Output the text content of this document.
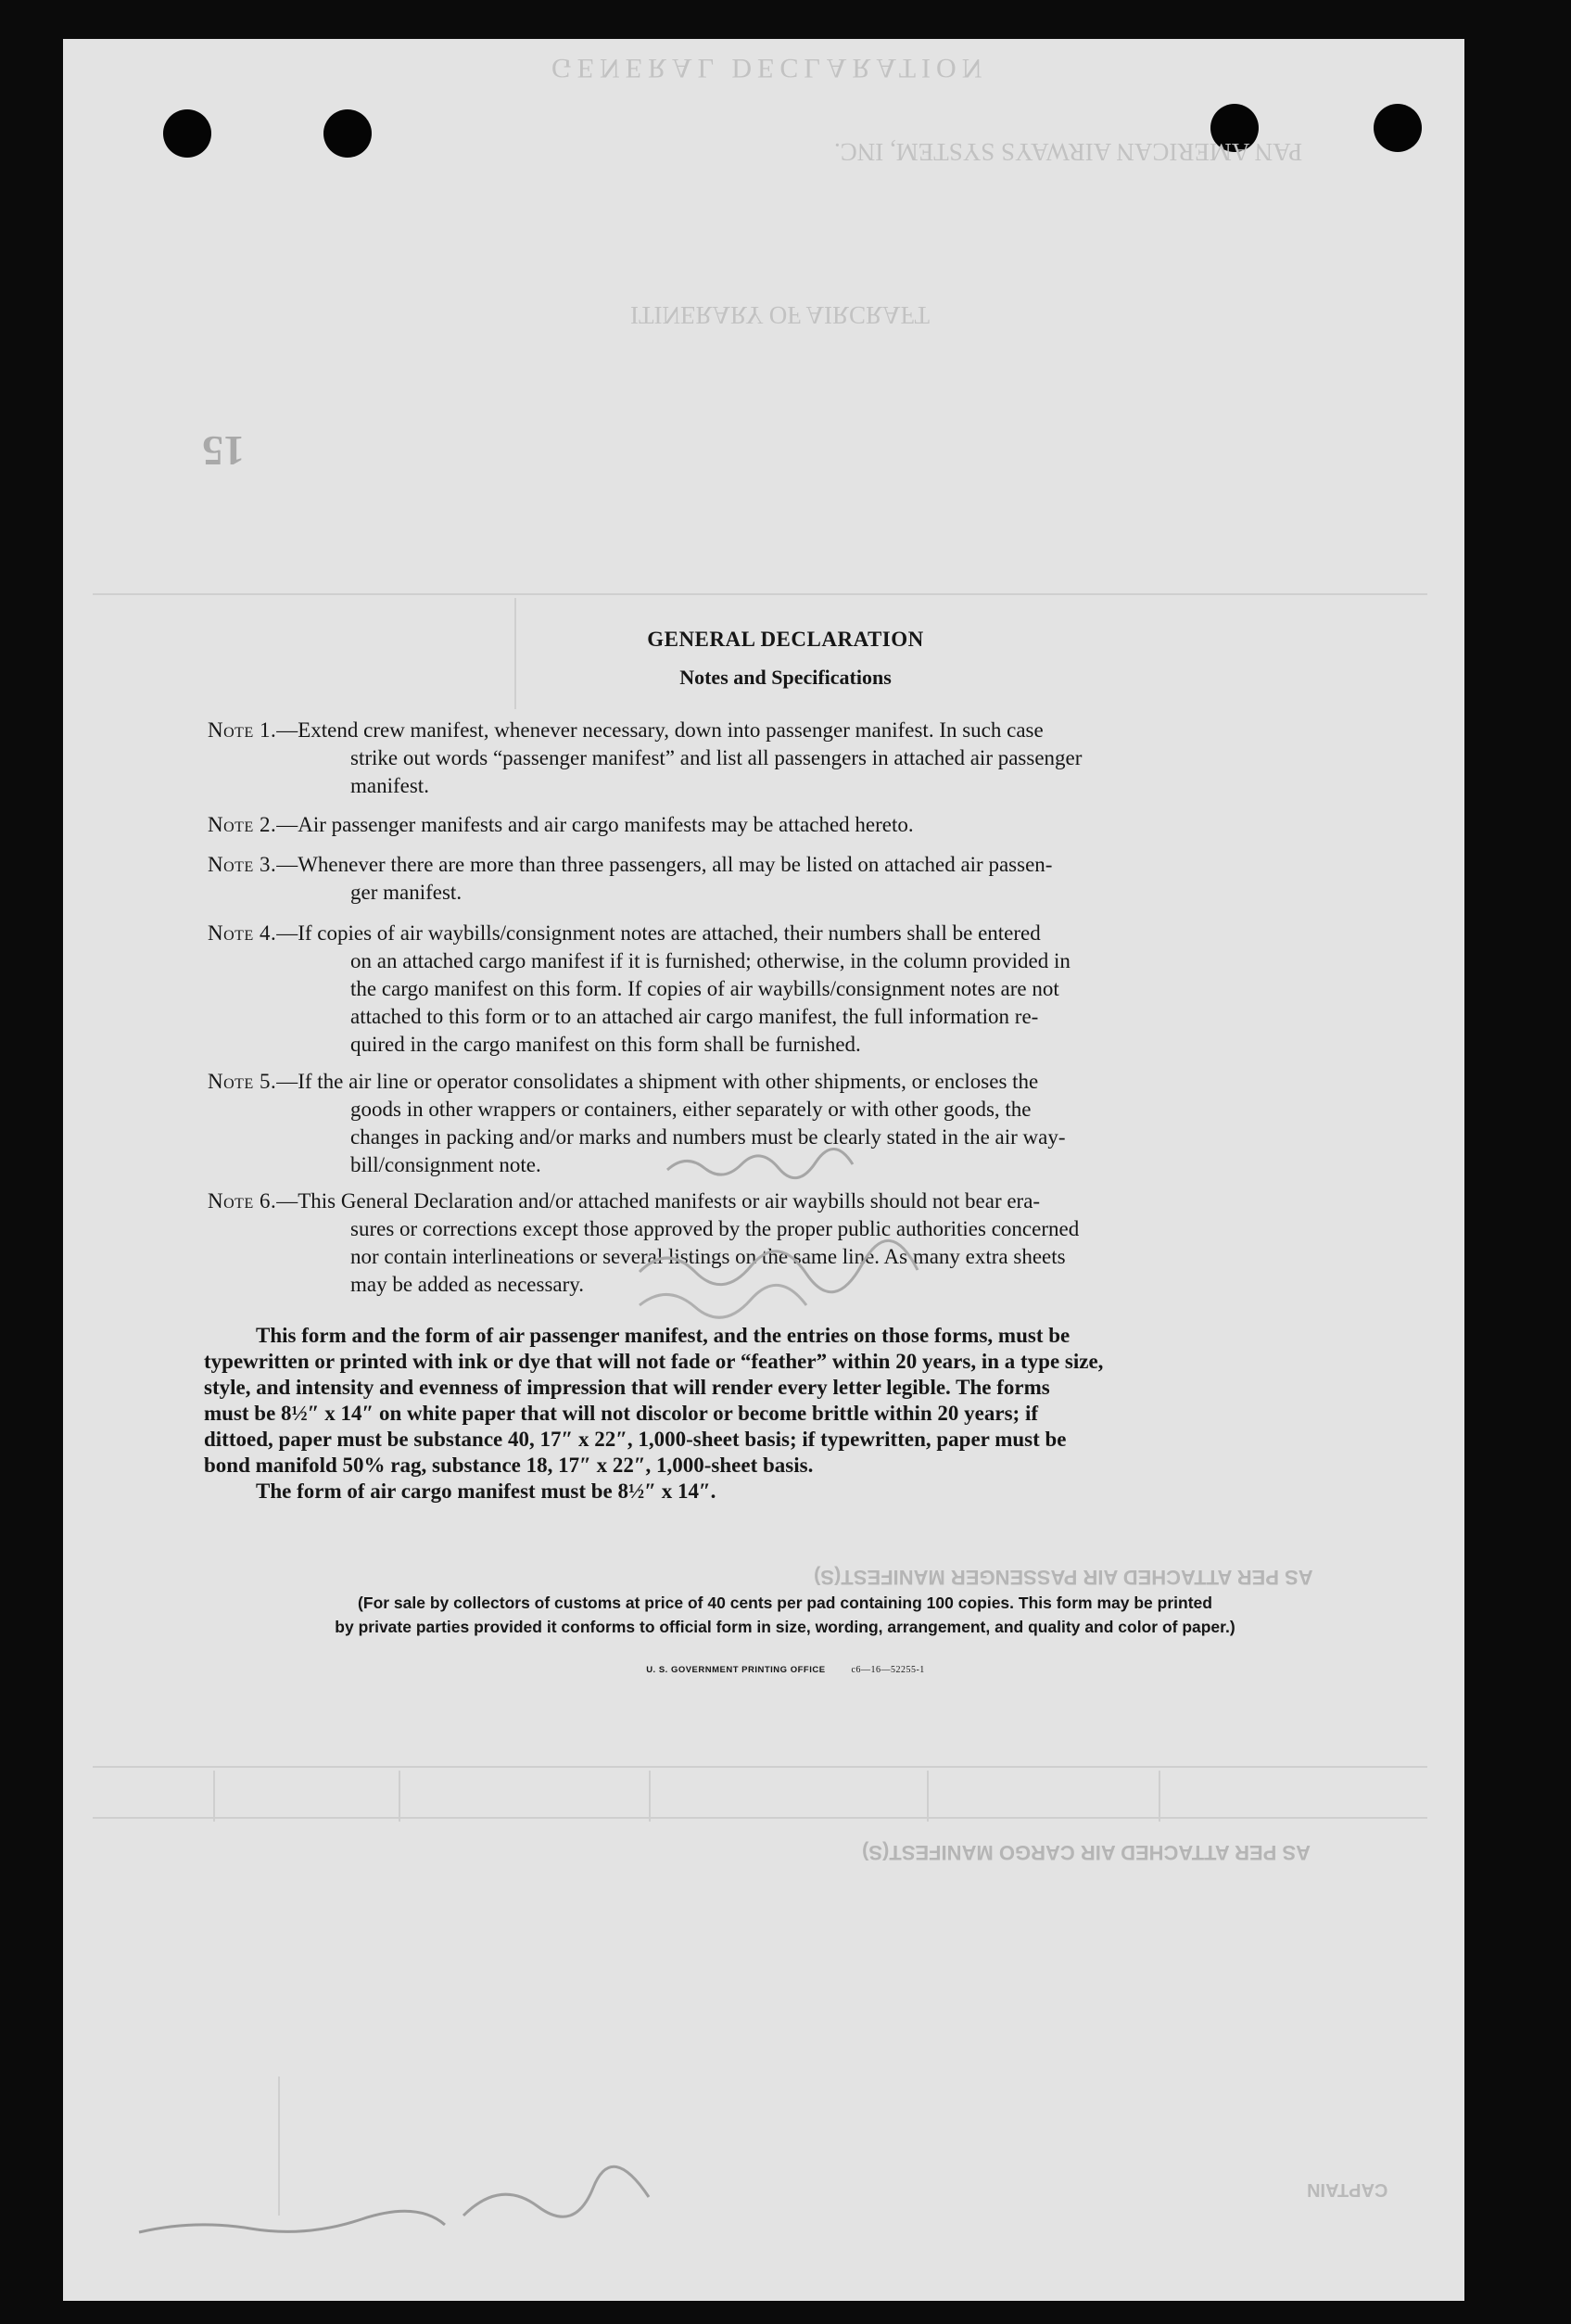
GENERAL DECLARATION
PAN AMERICAN AIRWAYS SYSTEM, INC.
ITINERARY OF AIRCRAFT
15
AS PER ATTACHED AIR PASSENGER MANIFEST(S)
AS PER ATTACHED AIR CARGO MANIFEST(S)
CAPTAIN
GENERAL DECLARATION
Notes and Specifications
Note 1.—Extend crew manifest, whenever necessary, down into passenger manifest. In such case
strike out words “passenger manifest” and list all passengers in attached air passenger
manifest.
Note 2.—Air passenger manifests and air cargo manifests may be attached hereto.
Note 3.—Whenever there are more than three passengers, all may be listed on attached air passen-
ger manifest.
Note 4.—If copies of air waybills/consignment notes are attached, their numbers shall be entered
on an attached cargo manifest if it is furnished; otherwise, in the column provided in
the cargo manifest on this form. If copies of air waybills/consignment notes are not
attached to this form or to an attached air cargo manifest, the full information re-
quired in the cargo manifest on this form shall be furnished.
Note 5.—If the air line or operator consolidates a shipment with other shipments, or encloses the
goods in other wrappers or containers, either separately or with other goods, the
changes in packing and/or marks and numbers must be clearly stated in the air way-
bill/consignment note.
Note 6.—This General Declaration and/or attached manifests or air waybills should not bear era-
sures or corrections except those approved by the proper public authorities concerned
nor contain interlineations or several listings on the same line. As many extra sheets
may be added as necessary.
This form and the form of air passenger manifest, and the entries on those forms, must be
typewritten or printed with ink or dye that will not fade or “feather” within 20 years, in a type size,
style, and intensity and evenness of impression that will render every letter legible. The forms
must be 8½″ x 14″ on white paper that will not discolor or become brittle within 20 years; if
dittoed, paper must be substance 40, 17″ x 22″, 1,000-sheet basis; if typewritten, paper must be
bond manifold 50% rag, substance 18, 17″ x 22″, 1,000-sheet basis.
The form of air cargo manifest must be 8½″ x 14″.
(For sale by collectors of customs at price of 40 cents per pad containing 100 copies. This form may be printed
by private parties provided it conforms to official form in size, wording, arrangement, and quality and color of paper.)
U. S. GOVERNMENT PRINTING OFFICE	c6—16—52255-1
